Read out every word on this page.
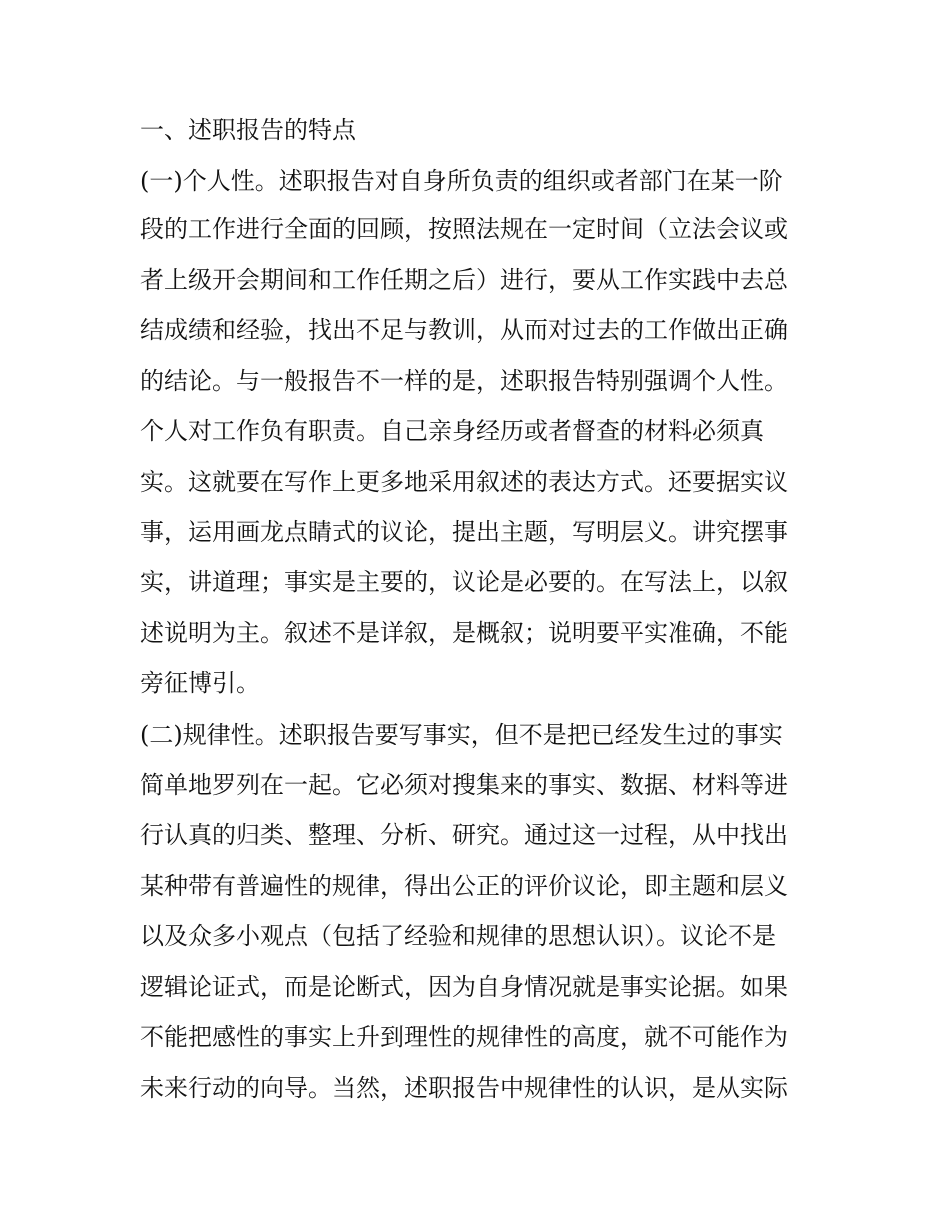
一、述职报告的特点

(一)个人性。述职报告对自身所负责的组织或者部门在某一阶

段的工作进行全面的回顾，按照法规在一定时间（立法会议或

者上级开会期间和工作任期之后）进行，要从工作实践中去总

结成绩和经验，找出不足与教训，从而对过去的工作做出正确

的结论。与一般报告不一样的是，述职报告特别强调个人性。

个人对工作负有职责。自己亲身经历或者督查的材料必须真

实。这就要在写作上更多地采用叙述的表达方式。还要据实议

事，运用画龙点睛式的议论，提出主题，写明层义。讲究摆事

实，讲道理；事实是主要的，议论是必要的。在写法上，以叙

述说明为主。叙述不是详叙，是概叙；说明要平实准确，不能

旁征博引。

(二)规律性。述职报告要写事实，但不是把已经发生过的事实

简单地罗列在一起。它必须对搜集来的事实、数据、材料等进

行认真的归类、整理、分析、研究。通过这一过程，从中找出

某种带有普遍性的规律，得出公正的评价议论，即主题和层义

以及众多小观点（包括了经验和规律的思想认识）。议论不是

逻辑论证式，而是论断式，因为自身情况就是事实论据。如果

不能把感性的事实上升到理性的规律性的高度，就不可能作为

未来行动的向导。当然，述职报告中规律性的认识，是从实际
